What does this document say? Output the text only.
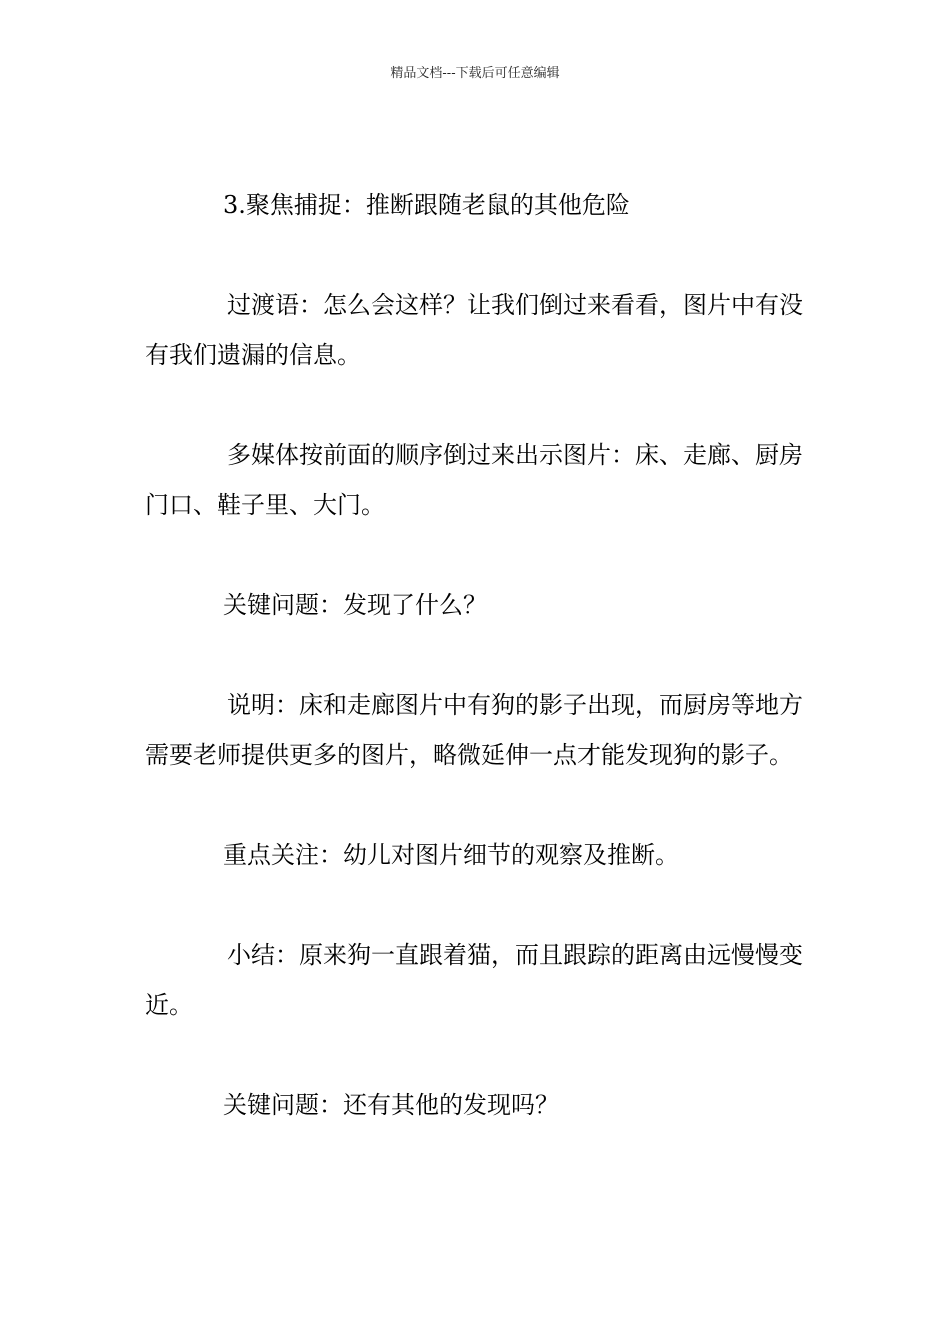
精品文档---下载后可任意编辑

3.聚焦捕捉：推断跟随老鼠的其他危险

过渡语：怎么会这样？让我们倒过来看看，图片中有没有我们遗漏的信息。

多媒体按前面的顺序倒过来出示图片：床、走廊、厨房门口、鞋子里、大门。

关键问题：发现了什么？

说明：床和走廊图片中有狗的影子出现，而厨房等地方需要老师提供更多的图片，略微延伸一点才能发现狗的影子。

重点关注：幼儿对图片细节的观察及推断。

小结：原来狗一直跟着猫，而且跟踪的距离由远慢慢变近。

关键问题：还有其他的发现吗？
